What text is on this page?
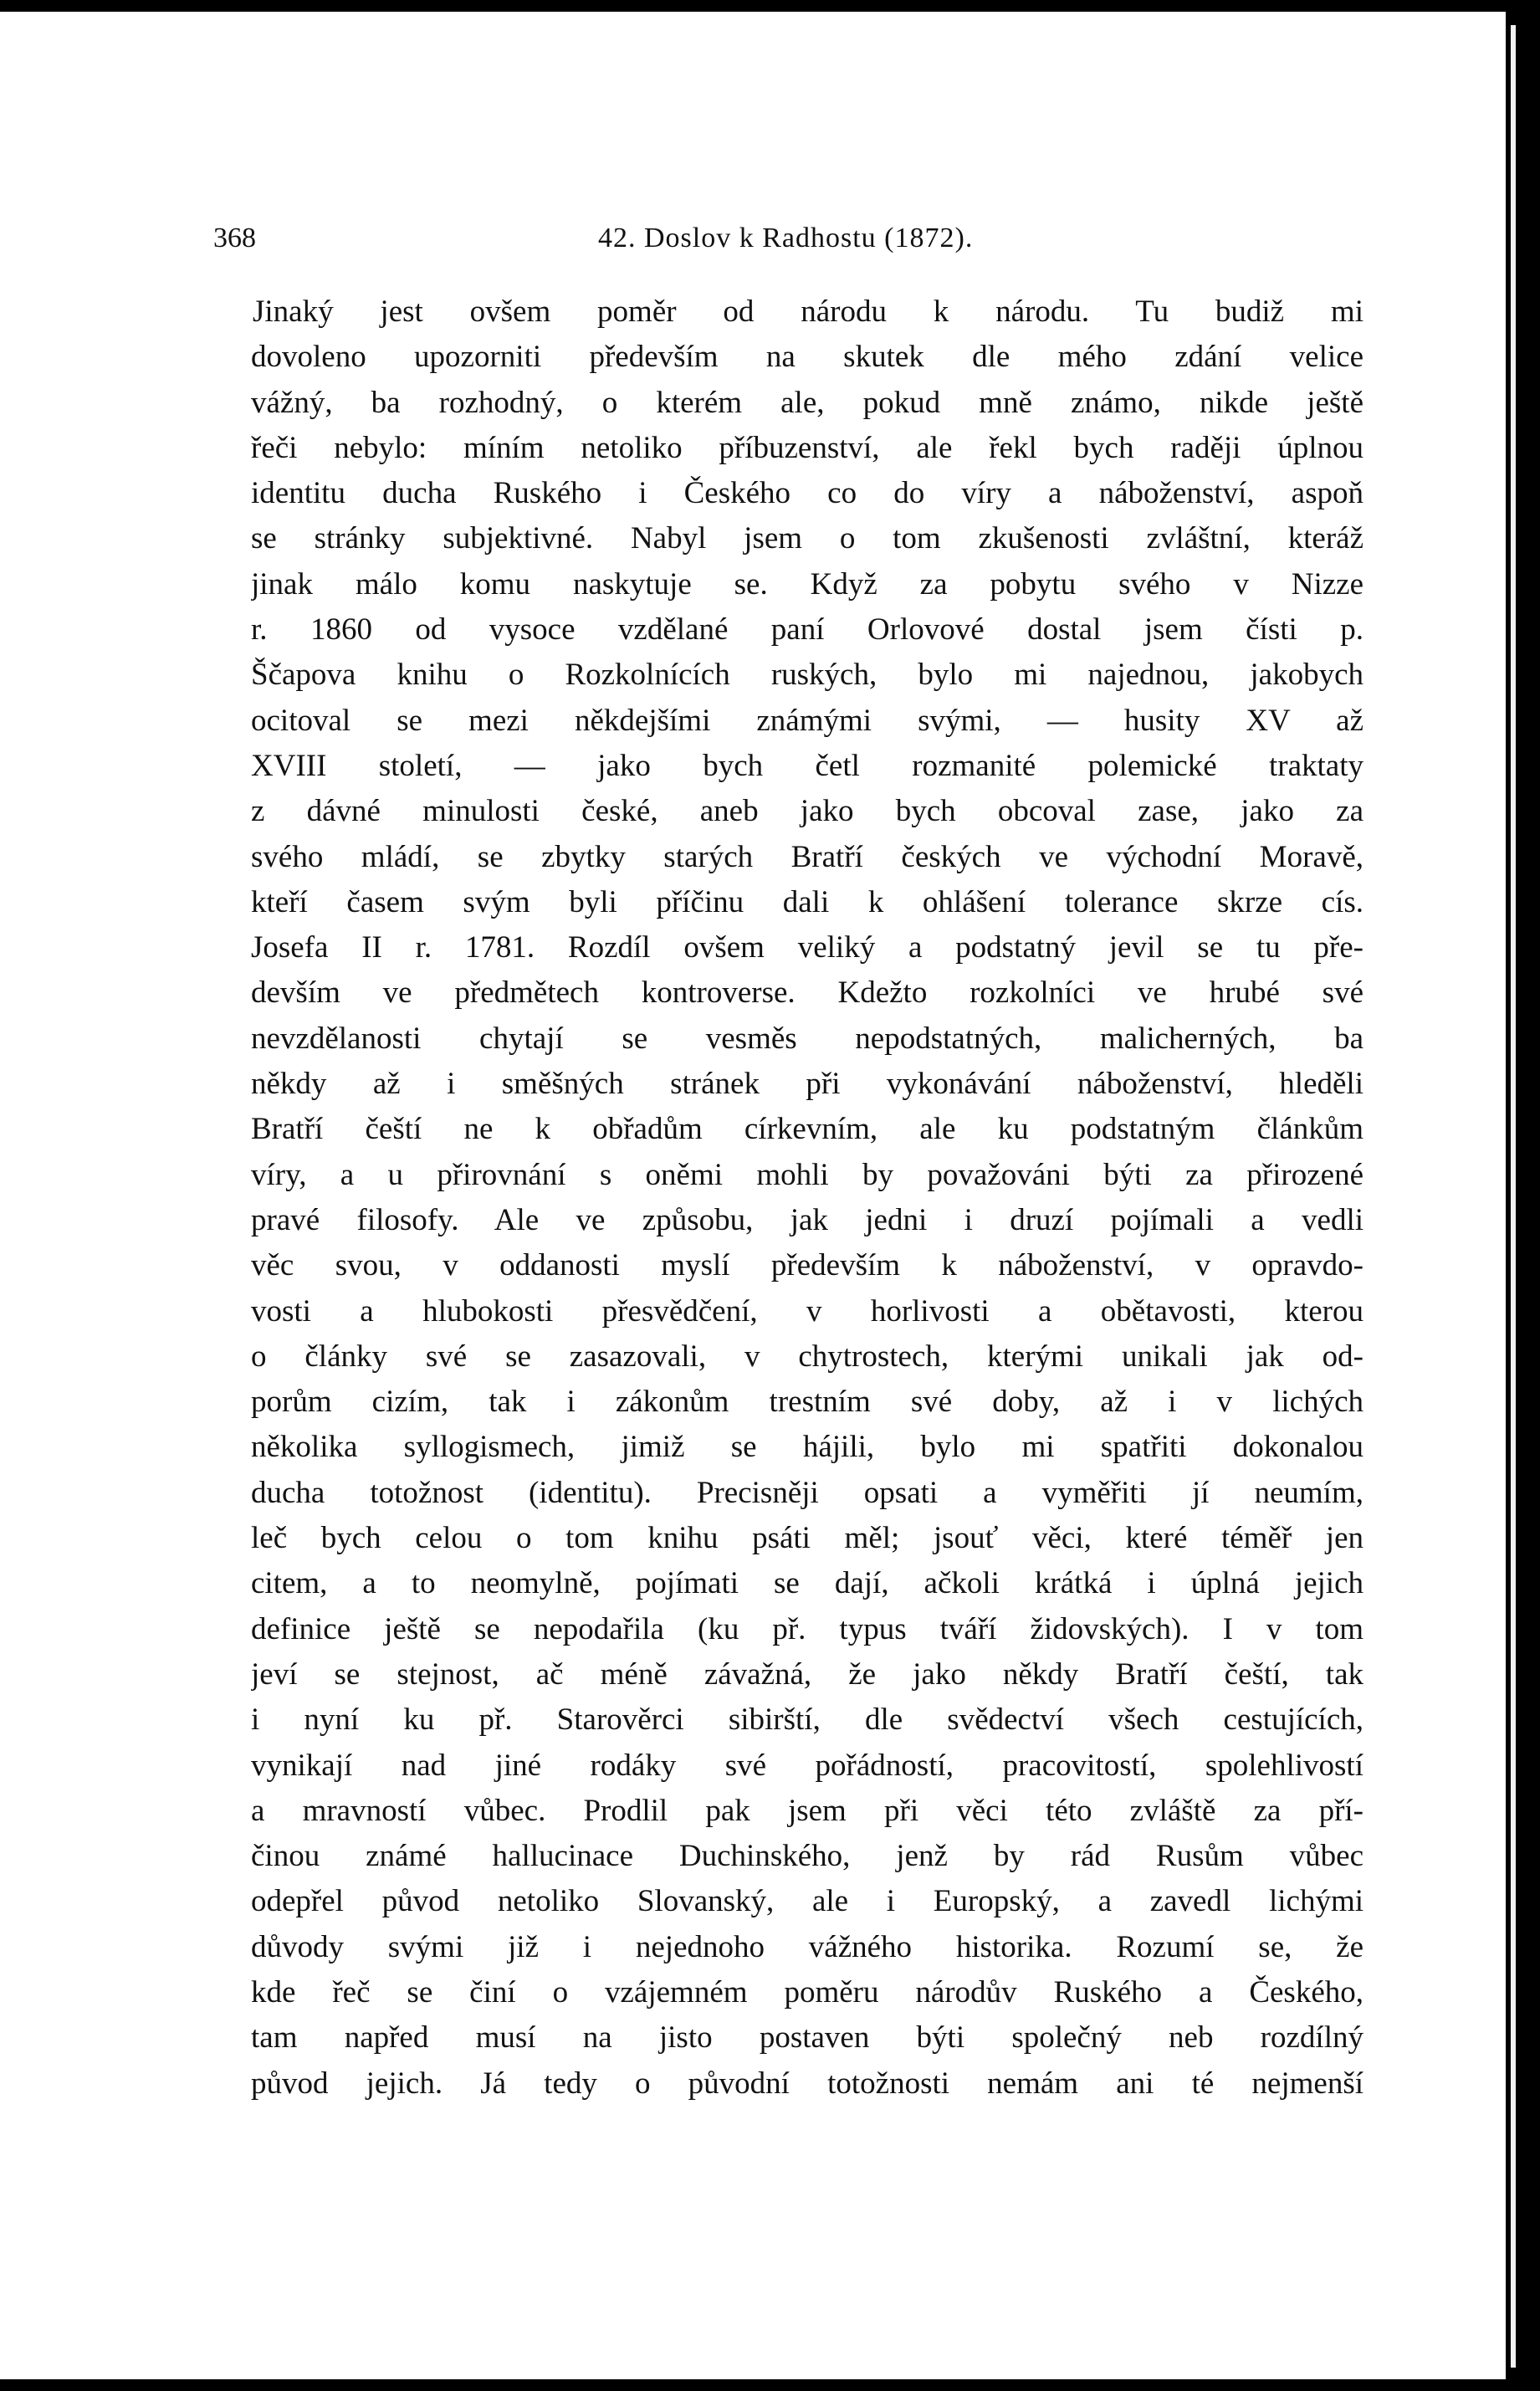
368	42. Doslov k Radhostu (1872).
Jinaký jest ovšem poměr od národu k národu. Tu budiž mi
dovoleno upozorniti především na skutek dle mého zdání velice
vážný, ba rozhodný, o kterém ale, pokud mně známo, nikde ještě
řeči nebylo: míním netoliko příbuzenství, ale řekl bych raději úplnou
identitu ducha Ruského i Českého co do víry a náboženství, aspoň
se stránky subjektivné. Nabyl jsem o tom zkušenosti zvláštní, kteráž
jinak málo komu naskytuje se. Když za pobytu svého v Nizze
r. 1860 od vysoce vzdělané paní Orlovové dostal jsem čísti p.
Ščapova knihu o Rozkolnících ruských, bylo mi najednou, jakobych
ocitoval se mezi někdejšími známými svými, — husity XV až
XVIII století, — jako bych četl rozmanité polemické traktaty
z dávné minulosti české, aneb jako bych obcoval zase, jako za
svého mládí, se zbytky starých Bratří českých ve východní Moravě,
kteří časem svým byli příčinu dali k ohlášení tolerance skrze cís.
Josefa II r. 1781. Rozdíl ovšem veliký a podstatný jevil se tu pře-
devším ve předmětech kontroverse. Kdežto rozkolníci ve hrubé své
nevzdělanosti chytají se vesměs nepodstatných, malicherných, ba
někdy až i směšných stránek při vykonávání náboženství, hleděli
Bratří čeští ne k obřadům církevním, ale ku podstatným článkům
víry, a u přirovnání s oněmi mohli by považováni býti za přirozené
pravé filosofy. Ale ve způsobu, jak jedni i druzí pojímali a vedli
věc svou, v oddanosti myslí především k náboženství, v opravdo-
vosti a hlubokosti přesvědčení, v horlivosti a obětavosti, kterou
o články své se zasazovali, v chytrostech, kterými unikali jak od-
porům cizím, tak i zákonům trestním své doby, až i v lichých
několika syllogismech, jimiž se hájili, bylo mi spatřiti dokonalou
ducha totožnost (identitu). Precisněji opsati a vyměřiti jí neumím,
leč bych celou o tom knihu psáti měl; jsouť věci, které téměř jen
citem, a to neomylně, pojímati se dají, ačkoli krátká i úplná jejich
definice ještě se nepodařila (ku př. typus tváří židovských). I v tom
jeví se stejnost, ač méně závažná, že jako někdy Bratří čeští, tak
i nyní ku př. Starověrci sibirští, dle svědectví všech cestujících,
vynikají nad jiné rodáky své pořádností, pracovitostí, spolehlivostí
a mravností vůbec. Prodlil pak jsem při věci této zvláště za pří-
činou známé hallucinace Duchinského, jenž by rád Rusům vůbec
odepřel původ netoliko Slovanský, ale i Europský, a zavedl lichými
důvody svými již i nejednoho vážného historika. Rozumí se, že
kde řeč se činí o vzájemném poměru národův Ruského a Českého,
tam napřed musí na jisto postaven býti společný neb rozdílný
původ jejich. Já tedy o původní totožnosti nemám ani té nejmenší
